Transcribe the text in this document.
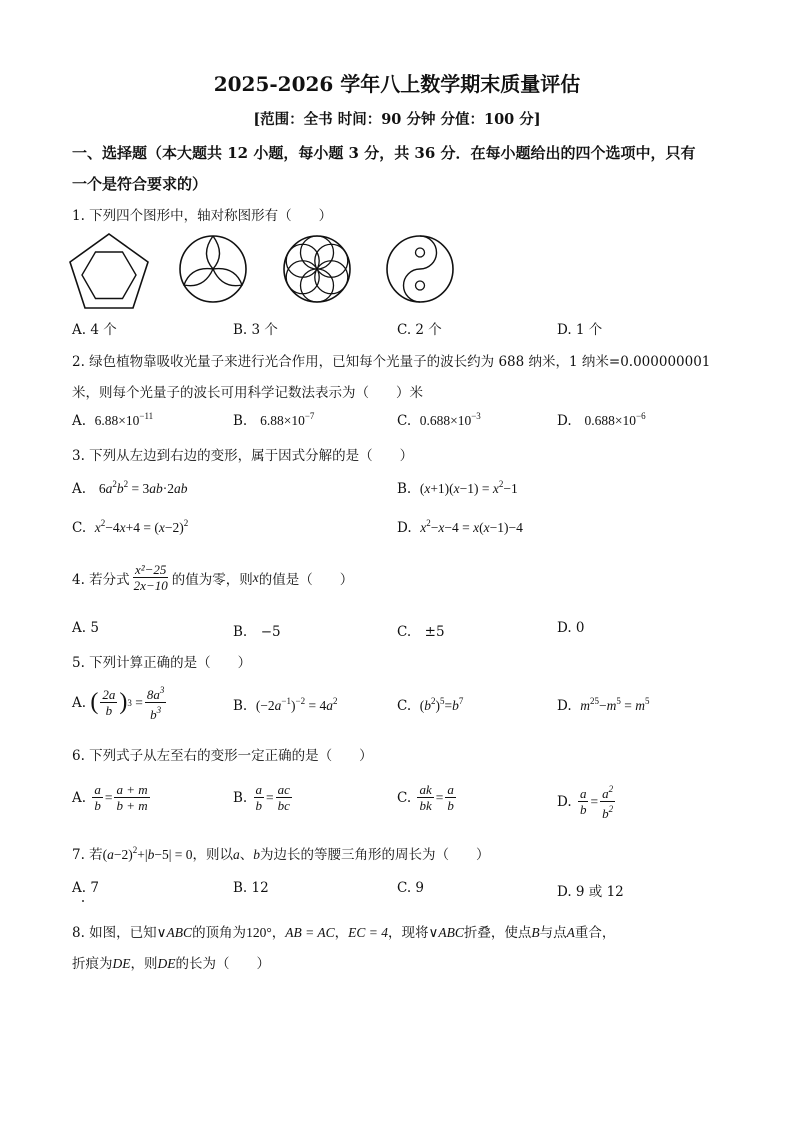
2025-2026 学年八上数学期末质量评估
[范围：全书 时间：90 分钟 分值：100 分]
一、选择题（本大题共 12 小题，每小题 3 分，共 36 分．在每小题给出的四个选项中，只有
一个是符合要求的）
1. 下列四个图形中，轴对称图形有（　　）
A. 4 个	B. 3 个	C. 2 个	D. 1 个
2. 绿色植物靠吸收光量子来进行光合作用，已知每个光量子的波长约为 688 纳米，1 纳米=0.000000001
米，则每个光量子的波长可用科学记数法表示为（　　）米
A. $6.88\times 10^{-11}$	B. $6.88\times 10^{-7}$	C. $0.688\times 10^{-3}$	D. $0.688\times 10^{-6}$
3. 下列从左边到右边的变形，属于因式分解的是（　　）
A. $6a^2b^2 = 3ab\cdot 2ab$	B. $(x+1)(x-1) = x^2-1$
C. $x^2-4x+4 = (x-2)^2$	D. $x^2-x-4 = x(x-1)-4$
4. 若分式 $\frac{\text{x²−25}}{2x-10}$ 的值为零，则 x 的值是（　　）
A. 5	B.　−5	C.　±5	D. 0
5. 下列计算正确的是（　　）
A.
( $\frac{2a}{b}$ ) $3 = \frac{8a^3}{b^3}$	B. $(-2a^{-1})^{-2} = 4a^2$	C. $(b^2)^5=b^7$	D. $m^{25}-m^5 = m^5$
6. 下列式子从左至右的变形一定正确的是（　　）
A.
$\frac{a}{b} = \frac{a + m}{b + m}$	B.
$\frac{a}{b} = \frac{ac}{bc}$	C.
$\frac{ak}{bk} = \frac{a}{b}$	D.
$\frac{a}{b} = \frac{a^2}{b^2}$
7. 若$(a-2)^2+|b-5| = 0$，则以a、b为边长的等腰三角形的周长为（　　）
A. 7	B. 12	C. 9	D. 9 或 12
8. 如图，已知∨ABC的顶角为120°，AB = AC，EC = 4，现将∨ABC折叠，使点B与点A重合，
折痕为DE，则DE的长为（　　）
